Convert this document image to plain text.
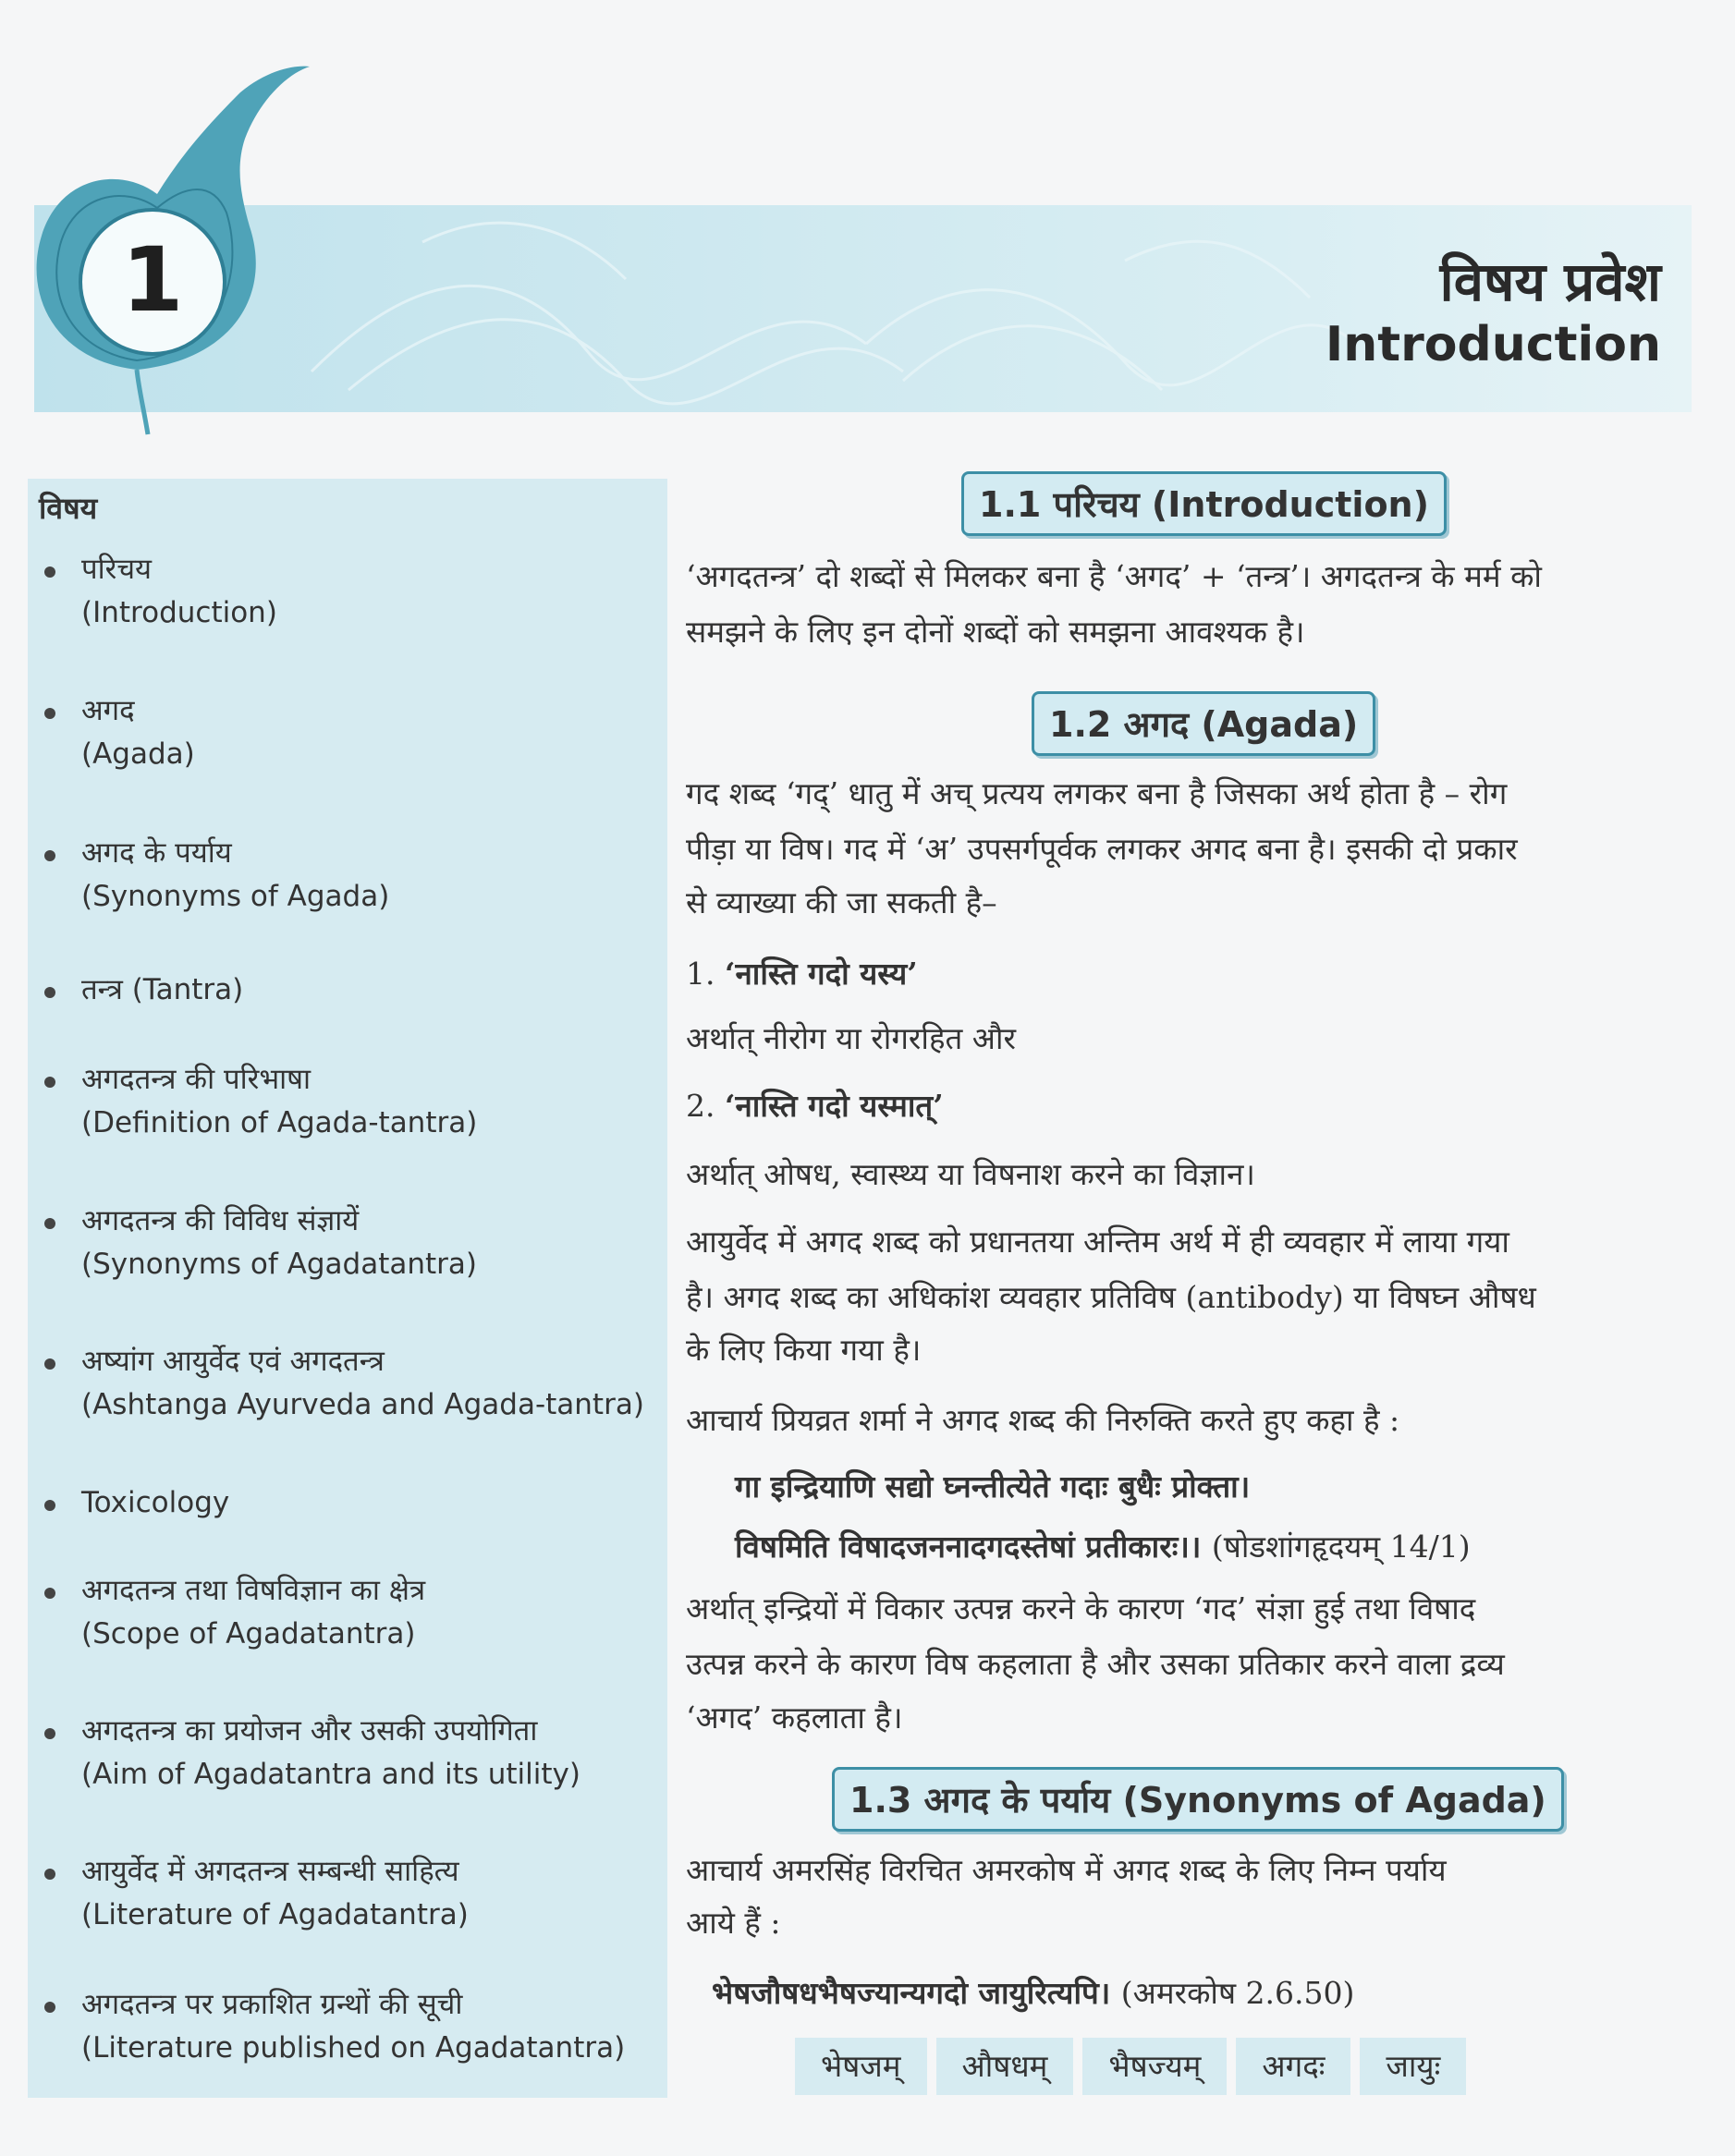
1	विषय प्रवेश
Introduction
विषय
परिचय
(Introduction)
अगद
(Agada)
अगद के पर्याय
(Synonyms of Agada)
तन्त्र (Tantra)
अगदतन्त्र की परिभाषा
(Definition of Agada-tantra)
अगदतन्त्र की विविध संज्ञायें
(Synonyms of Agadatantra)
अष्यांग आयुर्वेद एवं अगदतन्त्र
(Ashtanga Ayurveda and Agada-tantra)
Toxicology
अगदतन्त्र तथा विषविज्ञान का क्षेत्र
(Scope of Agadatantra)
अगदतन्त्र का प्रयोजन और उसकी उपयोगिता
(Aim of Agadatantra and its utility)
आयुर्वेद में अगदतन्त्र सम्बन्धी साहित्य
(Literature of Agadatantra)
अगदतन्त्र पर प्रकाशित ग्रन्थों की सूची
(Literature published on Agadatantra)
1.1 परिचय (Introduction)
‘अगदतन्त्र’ दो शब्दों से मिलकर बना है ‘अगद’ + ‘तन्त्र’। अगदतन्त्र के मर्म को
समझने के लिए इन दोनों शब्दों को समझना आवश्यक है।
1.2 अगद (Agada)
गद शब्द ‘गद्’ धातु में अच् प्रत्यय लगकर बना है जिसका अर्थ होता है – रोग
पीड़ा या विष। गद में ‘अ’ उपसर्गपूर्वक लगकर अगद बना है। इसकी दो प्रकार
से व्याख्या की जा सकती है–
1. ‘नास्ति गदो यस्य’
अर्थात् नीरोग या रोगरहित और
2. ‘नास्ति गदो यस्मात्’
अर्थात् ओषध, स्वास्थ्य या विषनाश करने का विज्ञान।
आयुर्वेद में अगद शब्द को प्रधानतया अन्तिम अर्थ में ही व्यवहार में लाया गया
है। अगद शब्द का अधिकांश व्यवहार प्रतिविष (antibody) या विषघ्न औषध
के लिए किया गया है।
आचार्य प्रियव्रत शर्मा ने अगद शब्द की निरुक्ति करते हुए कहा है :
गा इन्द्रियाणि सद्यो घ्नन्तीत्येते गदाः बुधैः प्रोक्ता।
विषमिति विषादजननादगदस्तेषां प्रतीकारः।। (षोडशांगहृदयम् 14/1)
अर्थात् इन्द्रियों में विकार उत्पन्न करने के कारण ‘गद’ संज्ञा हुई तथा विषाद
उत्पन्न करने के कारण विष कहलाता है और उसका प्रतिकार करने वाला द्रव्य
‘अगद’ कहलाता है।
1.3 अगद के पर्याय (Synonyms of Agada)
आचार्य अमरसिंह विरचित अमरकोष में अगद शब्द के लिए निम्न पर्याय
आये हैं :
भेषजौषधभैषज्यान्यगदो जायुरित्यपि। (अमरकोष 2.6.50)
भेषजम्	औषधम्	भैषज्यम्	अगदः	जायुः
